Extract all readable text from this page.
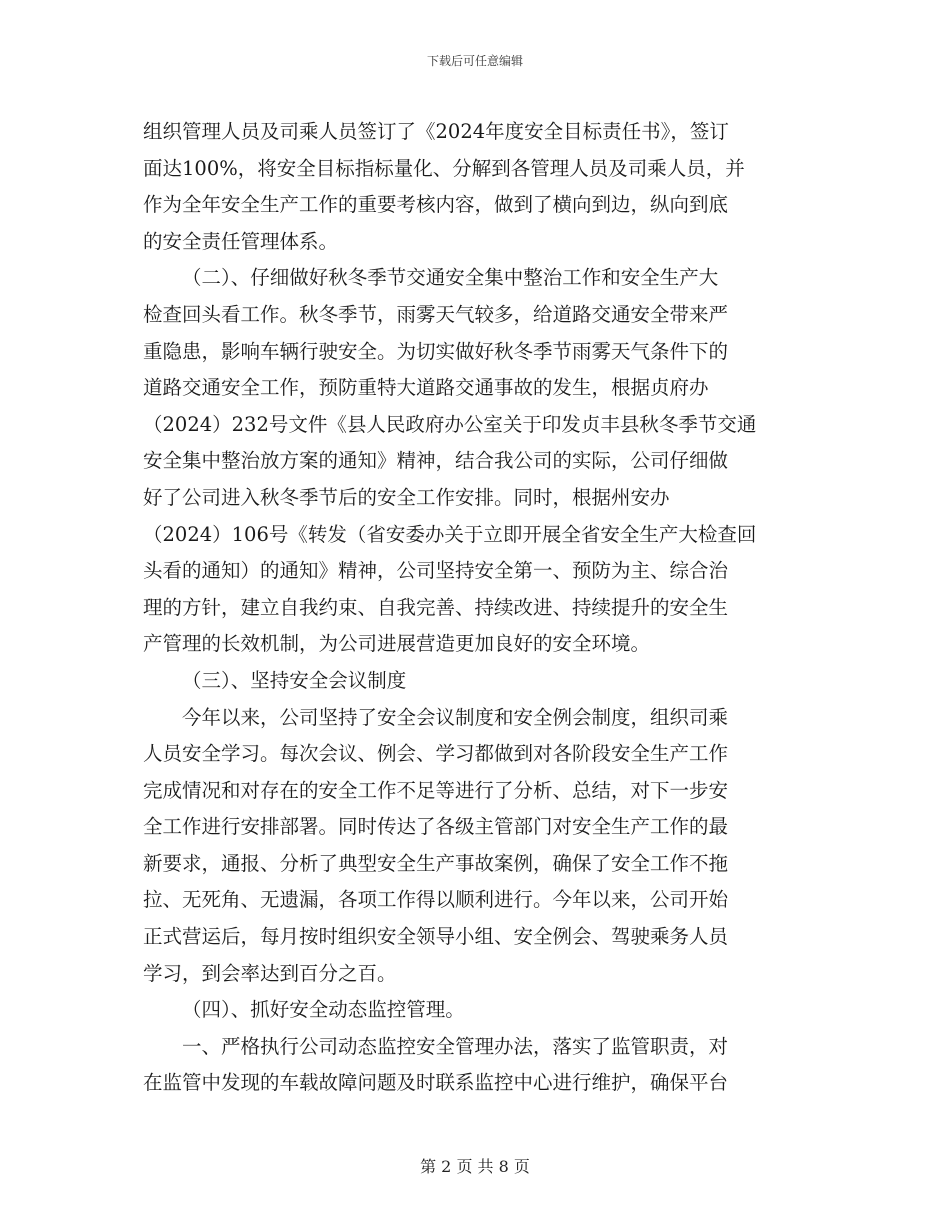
下载后可任意编辑
组织管理人员及司乘人员签订了《2024年度安全目标责任书》，签订
面达100%，将安全目标指标量化、分解到各管理人员及司乘人员，并
作为全年安全生产工作的重要考核内容，做到了横向到边，纵向到底
的安全责任管理体系。
（二）、仔细做好秋冬季节交通安全集中整治工作和安全生产大
检查回头看工作。秋冬季节，雨雾天气较多，给道路交通安全带来严
重隐患，影响车辆行驶安全。为切实做好秋冬季节雨雾天气条件下的
道路交通安全工作，预防重特大道路交通事故的发生，根据贞府办
（2024）232号文件《县人民政府办公室关于印发贞丰县秋冬季节交通
安全集中整治放方案的通知》精神，结合我公司的实际，公司仔细做
好了公司进入秋冬季节后的安全工作安排。同时，根据州安办
（2024）106号《转发（省安委办关于立即开展全省安全生产大检查回
头看的通知）的通知》精神，公司坚持安全第一、预防为主、综合治
理的方针，建立自我约束、自我完善、持续改进、持续提升的安全生
产管理的长效机制，为公司进展营造更加良好的安全环境。
（三）、坚持安全会议制度
今年以来，公司坚持了安全会议制度和安全例会制度，组织司乘
人员安全学习。每次会议、例会、学习都做到对各阶段安全生产工作
完成情况和对存在的安全工作不足等进行了分析、总结，对下一步安
全工作进行安排部署。同时传达了各级主管部门对安全生产工作的最
新要求，通报、分析了典型安全生产事故案例，确保了安全工作不拖
拉、无死角、无遗漏，各项工作得以顺利进行。今年以来，公司开始
正式营运后，每月按时组织安全领导小组、安全例会、驾驶乘务人员
学习，到会率达到百分之百。
（四）、抓好安全动态监控管理。
一、严格执行公司动态监控安全管理办法，落实了监管职责，对
在监管中发现的车载故障问题及时联系监控中心进行维护，确保平台
第 2 页 共 8 页
